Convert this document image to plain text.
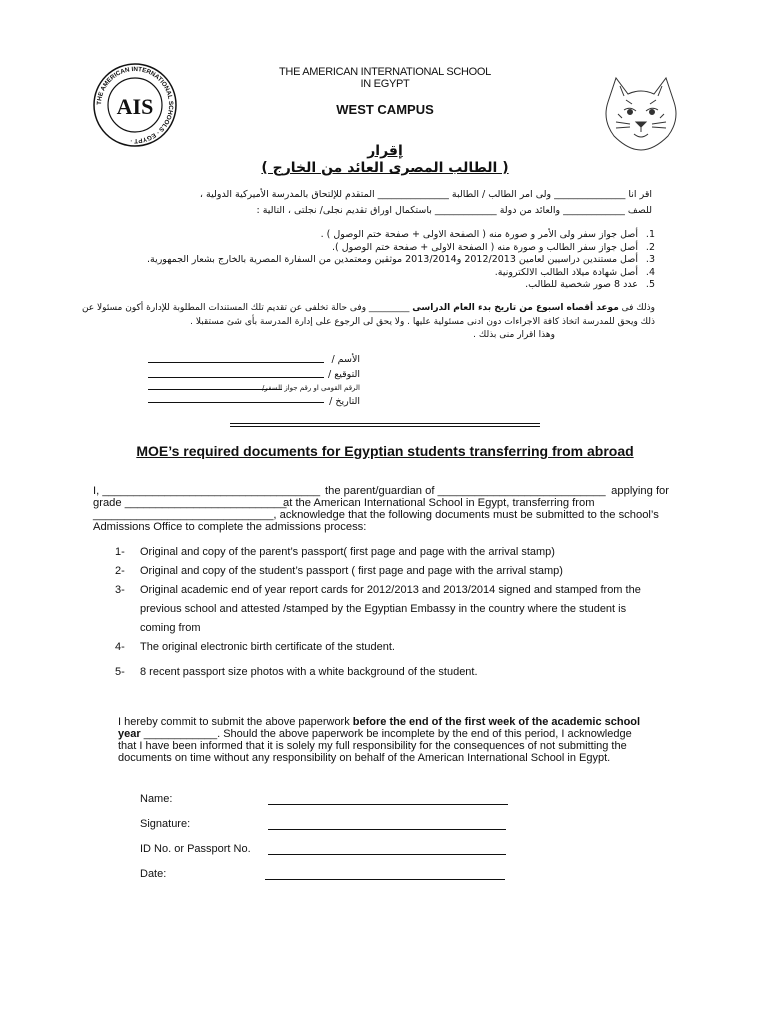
THE AMERICAN INTERNATIONAL SCHOOLS · EGYPT ·
AIS
THE AMERICAN INTERNATIONAL SCHOOL
IN EGYPT
WEST CAMPUS
إقرار
( الطالب المصرى العائد من الخارج )
اقر انا _______________ ولى امر الطالب / الطالبة _______________ المتقدم للإلتحاق بالمدرسة الأميركية الدولية ،
للصف _____________ والعائد من دولة _____________ باستكمال اوراق تقديم نجلى/ نجلتى ، التالية :
1. أصل جواز سفر ولى الأمر و صورة منه ( الصفحة الاولى + صفحة ختم الوصول ) .
2. أصل جواز سفر الطالب و صورة منه ( الصفحة الاولى + صفحة ختم الوصول ).
3. أصل مستندين دراسيين لعامين 2012/2013 و2013/2014 موثقين ومعتمدين من السفارة المصرية بالخارج بشعار الجمهورية.
4. أصل شهادة ميلاد الطالب الالكترونية.
5. عدد 8 صور شخصية للطالب.
وذلك فى موعد أقصاه اسبوع من تاريخ بدء العام الدراسى _________ وفى حالة تخلفى عن تقديم تلك المستندات المطلوبة للإدارة أكون مسئولا عن
ذلك ويحق للمدرسة اتخاذ كافة الاجراءات دون ادنى مسئولية عليها . ولا يحق لى الرجوع على إدارة المدرسة بأى شئ مستقبلا .
وهذا اقرار منى بذلك .
الأسم /
التوقيع /
الرقم القومى او رقم جواز السفر/
التاريخ /
MOE’s required documents for Egyptian students transferring from abroad
I, ___________________________________ the parent/guardian of ___________________________ applying for
grade __________________________
at the American International School in Egypt, transferring from
_____________________________, acknowledge that the following documents must be submitted to the school’s
Admissions Office to complete the admissions process:
1- Original and copy of the parent’s passport( first page and page with the arrival stamp)
2- Original and copy of the student’s passport ( first page and page with the arrival stamp)
3- Original academic end of year report cards for 2012/2013 and 2013/2014 signed and stamped from the
previous school and attested /stamped by the Egyptian Embassy in the country where the student is
coming from
4- The original electronic birth certificate of the student.
5- 8 recent passport size photos with a white background of the student.
I hereby commit to submit the above paperwork before the end of the first week of the academic school
year ____________. Should the above paperwork be incomplete by the end of this period, I acknowledge
that I have been informed that it is solely my full responsibility for the consequences of not submitting the
documents on time without any responsibility on behalf of the American International School in Egypt.
Name:
Signature:
ID No. or Passport No.
Date:
